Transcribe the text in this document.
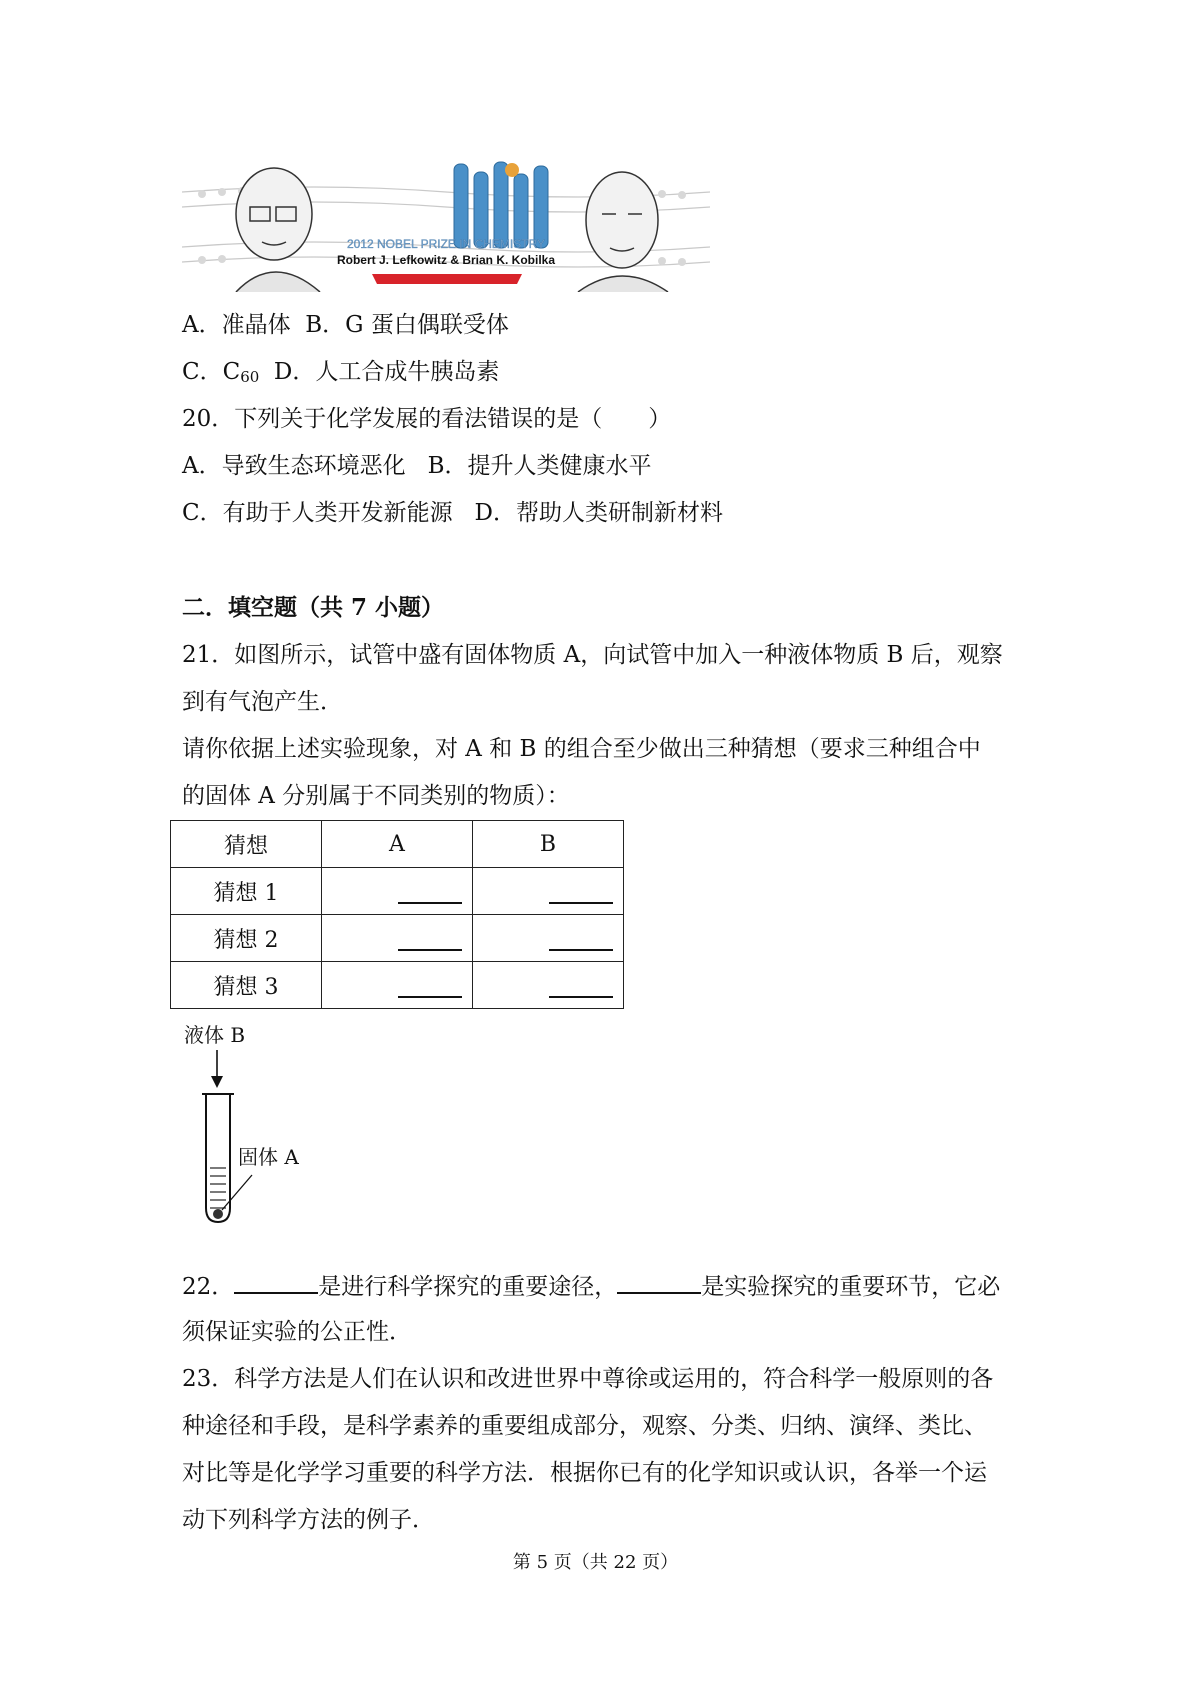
2012 NOBEL PRIZE IN CHEMISTRY
Robert J. Lefkowitz & Brian K. Kobilka
A．准晶体 B．G 蛋白偶联受体
C．$C_{60}$ D．人工合成牛胰岛素
20．下列关于化学发展的看法错误的是（　　）
A．导致生态环境恶化 B．提升人类健康水平
C．有助于人类开发新能源 D．帮助人类研制新材料
二．填空题（共 7 小题）
21．如图所示，试管中盛有固体物质 A，向试管中加入一种液体物质 B 后，观察
到有气泡产生．
请你依据上述实验现象，对 A 和 B 的组合至少做出三种猜想（要求三种组合中
的固体 A 分别属于不同类别的物质）：
猜想	A	B
猜想 1		
猜想 2		
猜想 3		
液体 B
固体 A
22．	是进行科学探究的重要途径，	是实验探究的重要环节，它必
须保证实验的公正性．
23．科学方法是人们在认识和改进世界中尊徐或运用的，符合科学一般原则的各
种途径和手段，是科学素养的重要组成部分，观察、分类、归纳、演绎、类比、
对比等是化学学习重要的科学方法．根据你已有的化学知识或认识，各举一个运
动下列科学方法的例子．
第 5 页（共 22 页）
